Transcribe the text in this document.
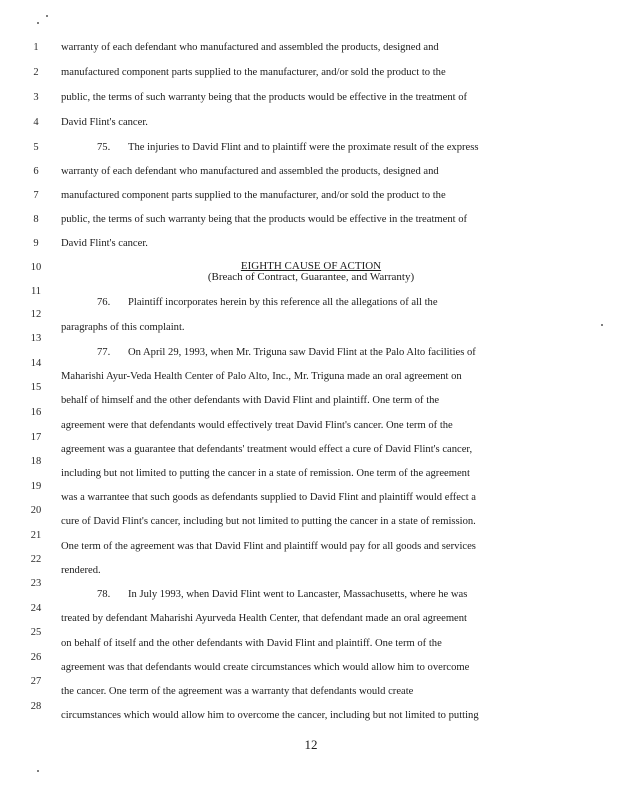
1
2
3
4
5
6
7
8
9
10
11
12
13
14
15
16
17
18
19
20
21
22
23
24
25
26
27
28
warranty of each defendant who manufactured and assembled the products, designed and
manufactured component parts supplied to the manufacturer, and/or sold the product to the
public, the terms of such warranty being that the products would be effective in the treatment of
David Flint's cancer.
75. The injuries to David Flint and to plaintiff were the proximate result of the express
warranty of each defendant who manufactured and assembled the products, designed and
manufactured component parts supplied to the manufacturer, and/or sold the product to the
public, the terms of such warranty being that the products would be effective in the treatment of
David Flint's cancer.
EIGHTH CAUSE OF ACTION
(Breach of Contract, Guarantee, and Warranty)
76. Plaintiff incorporates herein by this reference all the allegations of all the
paragraphs of this complaint.
77. On April 29, 1993, when Mr. Triguna saw David Flint at the Palo Alto facilities of
Maharishi Ayur-Veda Health Center of Palo Alto, Inc., Mr. Triguna made an oral agreement on
behalf of himself and the other defendants with David Flint and plaintiff. One term of the
agreement were that defendants would effectively treat David Flint's cancer. One term of the
agreement was a guarantee that defendants' treatment would effect a cure of David Flint's cancer,
including but not limited to putting the cancer in a state of remission. One term of the agreement
was a warrantee that such goods as defendants supplied to David Flint and plaintiff would effect a
cure of David Flint's cancer, including but not limited to putting the cancer in a state of remission.
One term of the agreement was that David Flint and plaintiff would pay for all goods and services
rendered.
78. In July 1993, when David Flint went to Lancaster, Massachusetts, where he was
treated by defendant Maharishi Ayurveda Health Center, that defendant made an oral agreement
on behalf of itself and the other defendants with David Flint and plaintiff. One term of the
agreement was that defendants would create circumstances which would allow him to overcome
the cancer. One term of the agreement was a warranty that defendants would create
circumstances which would allow him to overcome the cancer, including but not limited to putting
12
